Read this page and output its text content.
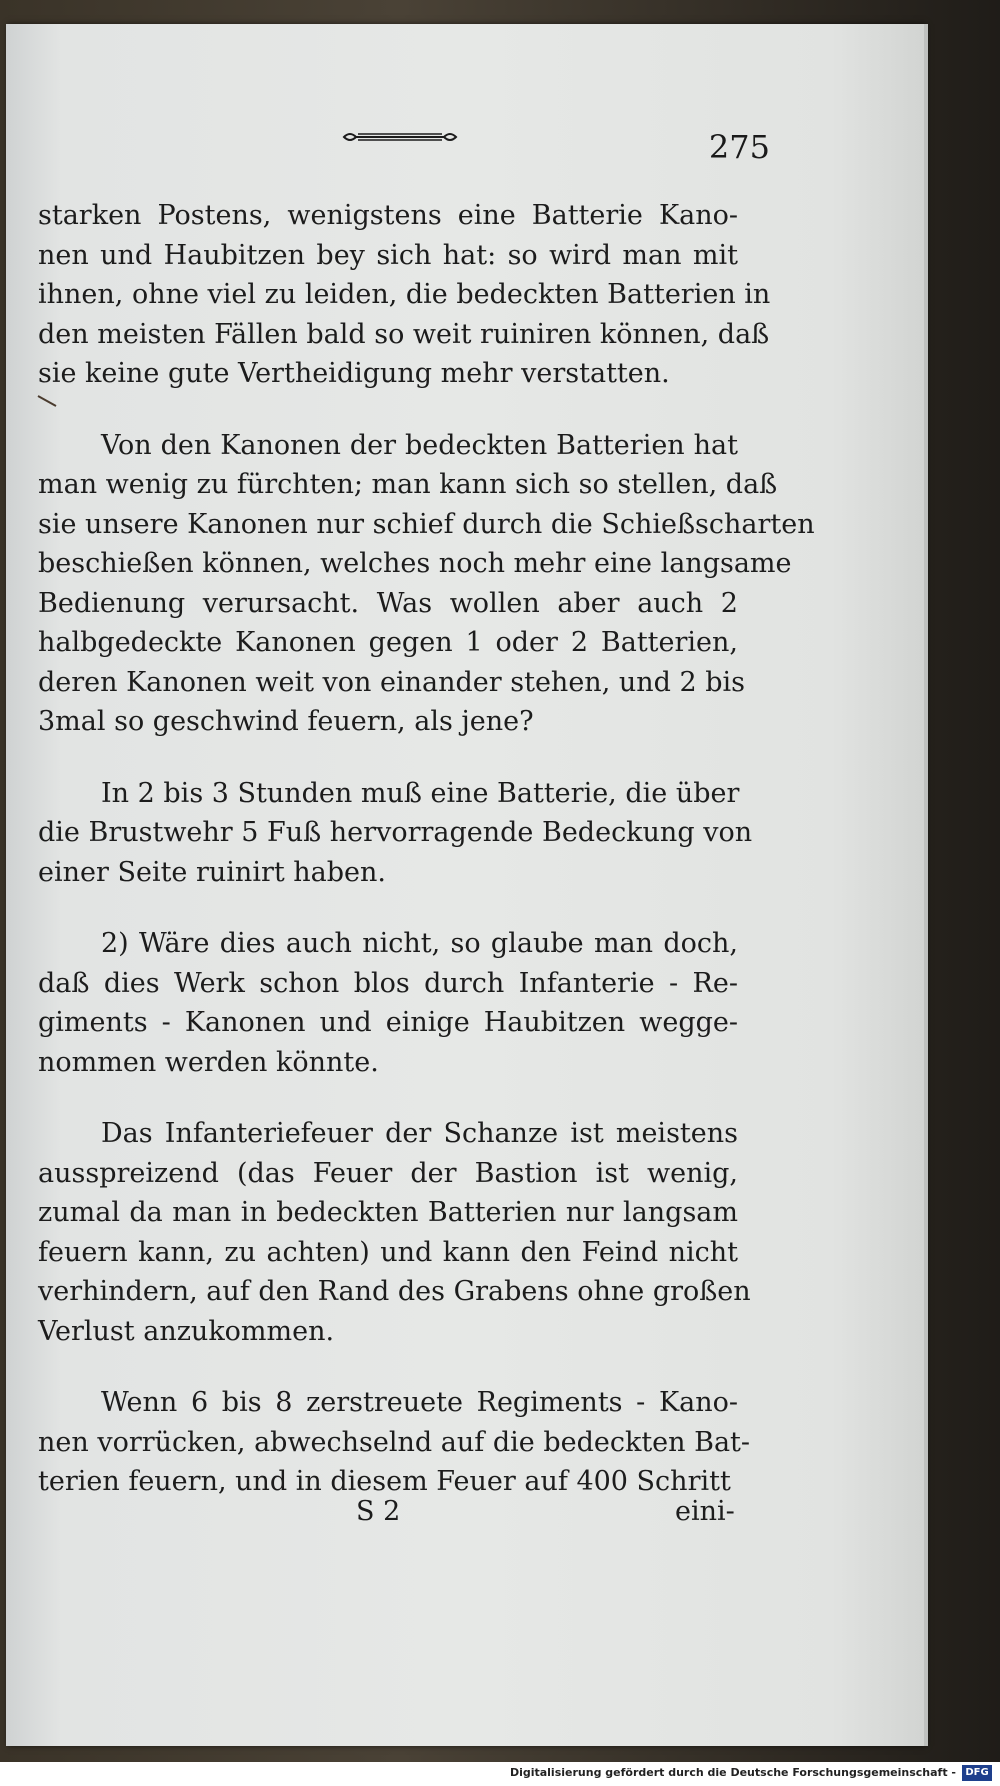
275
starken Postens, wenigstens eine Batterie Kano-
nen und Haubitzen bey sich hat: so wird man mit
ihnen, ohne viel zu leiden, die bedeckten Batterien in
den meisten Fällen bald so weit ruiniren können, daß
sie keine gute Vertheidigung mehr verstatten.
Von den Kanonen der bedeckten Batterien hat
man wenig zu fürchten; man kann sich so stellen, daß
sie unsere Kanonen nur schief durch die Schießscharten
beschießen können, welches noch mehr eine langsame
Bedienung verursacht. Was wollen aber auch 2
halbgedeckte Kanonen gegen 1 oder 2 Batterien,
deren Kanonen weit von einander stehen, und 2 bis
3mal so geschwind feuern, als jene?
In 2 bis 3 Stunden muß eine Batterie, die über
die Brustwehr 5 Fuß hervorragende Bedeckung von
einer Seite ruinirt haben.
2) Wäre dies auch nicht, so glaube man doch,
daß dies Werk schon blos durch Infanterie - Re-
giments - Kanonen und einige Haubitzen wegge-
nommen werden könnte.
Das Infanteriefeuer der Schanze ist meistens
ausspreizend (das Feuer der Bastion ist wenig,
zumal da man in bedeckten Batterien nur langsam
feuern kann, zu achten) und kann den Feind nicht
verhindern, auf den Rand des Grabens ohne großen
Verlust anzukommen.
Wenn 6 bis 8 zerstreuete Regiments - Kano-
nen vorrücken, abwechselnd auf die bedeckten Bat-
terien feuern, und in diesem Feuer auf 400 Schritt
S 2	eini-
Digitalisierung gefördert durch die Deutsche Forschungsgemeinschaft - DFG
